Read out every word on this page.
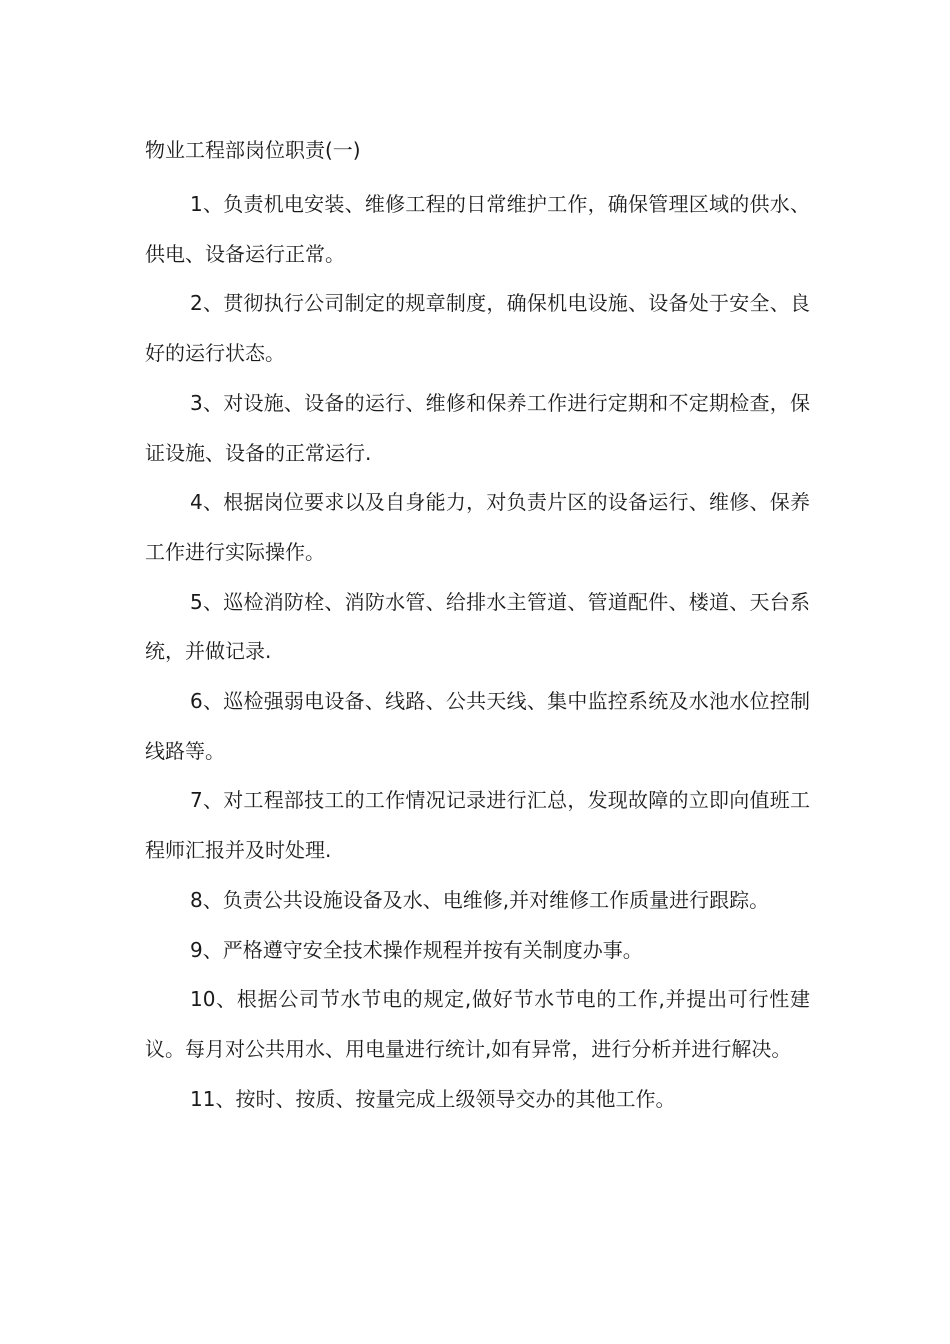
物业工程部岗位职责(一)

1、负责机电安装、维修工程的日常维护工作，确保管理区域的供水、供电、设备运行正常。

2、贯彻执行公司制定的规章制度，确保机电设施、设备处于安全、良好的运行状态。

3、对设施、设备的运行、维修和保养工作进行定期和不定期检查，保证设施、设备的正常运行.

4、根据岗位要求以及自身能力，对负责片区的设备运行、维修、保养工作进行实际操作。

5、巡检消防栓、消防水管、给排水主管道、管道配件、楼道、天台系统，并做记录.

6、巡检强弱电设备、线路、公共天线、集中监控系统及水池水位控制线路等。

7、对工程部技工的工作情况记录进行汇总，发现故障的立即向值班工程师汇报并及时处理.

8、负责公共设施设备及水、电维修,并对维修工作质量进行跟踪。

9、严格遵守安全技术操作规程并按有关制度办事。

10、根据公司节水节电的规定,做好节水节电的工作,并提出可行性建议。每月对公共用水、用电量进行统计,如有异常，进行分析并进行解决。

11、按时、按质、按量完成上级领导交办的其他工作。
